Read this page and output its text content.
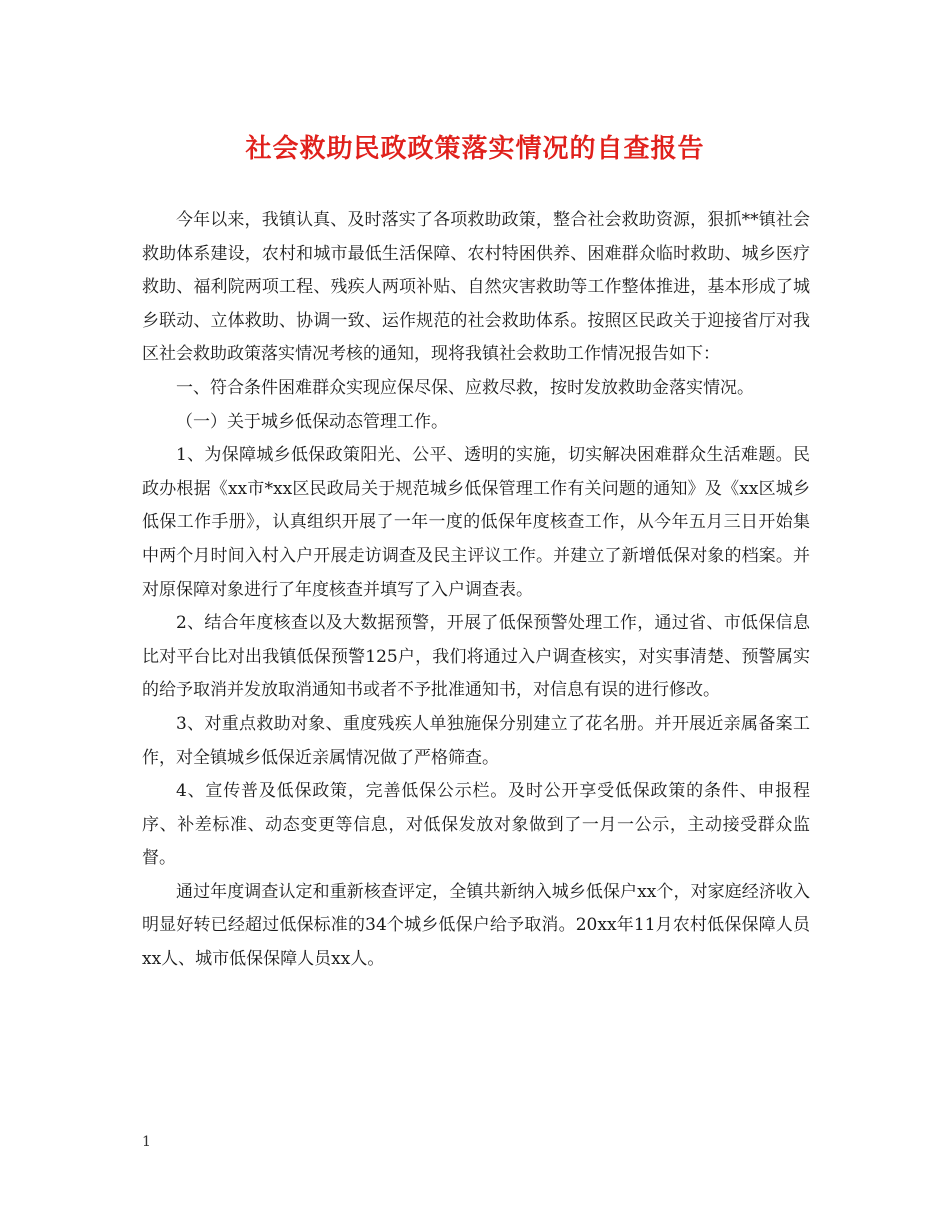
社会救助民政政策落实情况的自查报告

今年以来，我镇认真、及时落实了各项救助政策，整合社会救助资源，狠抓**镇社会救助体系建设，农村和城市最低生活保障、农村特困供养、困难群众临时救助、城乡医疗救助、福利院两项工程、残疾人两项补贴、自然灾害救助等工作整体推进，基本形成了城乡联动、立体救助、协调一致、运作规范的社会救助体系。按照区民政关于迎接省厅对我区社会救助政策落实情况考核的通知，现将我镇社会救助工作情况报告如下：

一、符合条件困难群众实现应保尽保、应救尽救，按时发放救助金落实情况。

（一）关于城乡低保动态管理工作。

1、为保障城乡低保政策阳光、公平、透明的实施，切实解决困难群众生活难题。民政办根据《xx市*xx区民政局关于规范城乡低保管理工作有关问题的通知》及《xx区城乡低保工作手册》，认真组织开展了一年一度的低保年度核查工作，从今年五月三日开始集中两个月时间入村入户开展走访调查及民主评议工作。并建立了新增低保对象的档案。并对原保障对象进行了年度核查并填写了入户调查表。

2、结合年度核查以及大数据预警，开展了低保预警处理工作，通过省、市低保信息比对平台比对出我镇低保预警125户，我们将通过入户调查核实，对实事清楚、预警属实的给予取消并发放取消通知书或者不予批准通知书，对信息有误的进行修改。

3、对重点救助对象、重度残疾人单独施保分别建立了花名册。并开展近亲属备案工作，对全镇城乡低保近亲属情况做了严格筛查。

4、宣传普及低保政策，完善低保公示栏。及时公开享受低保政策的条件、申报程序、补差标准、动态变更等信息，对低保发放对象做到了一月一公示，主动接受群众监督。

通过年度调查认定和重新核查评定，全镇共新纳入城乡低保户xx个，对家庭经济收入明显好转已经超过低保标准的34个城乡低保户给予取消。20xx年11月农村低保保障人员xx人、城市低保保障人员xx人。

1
